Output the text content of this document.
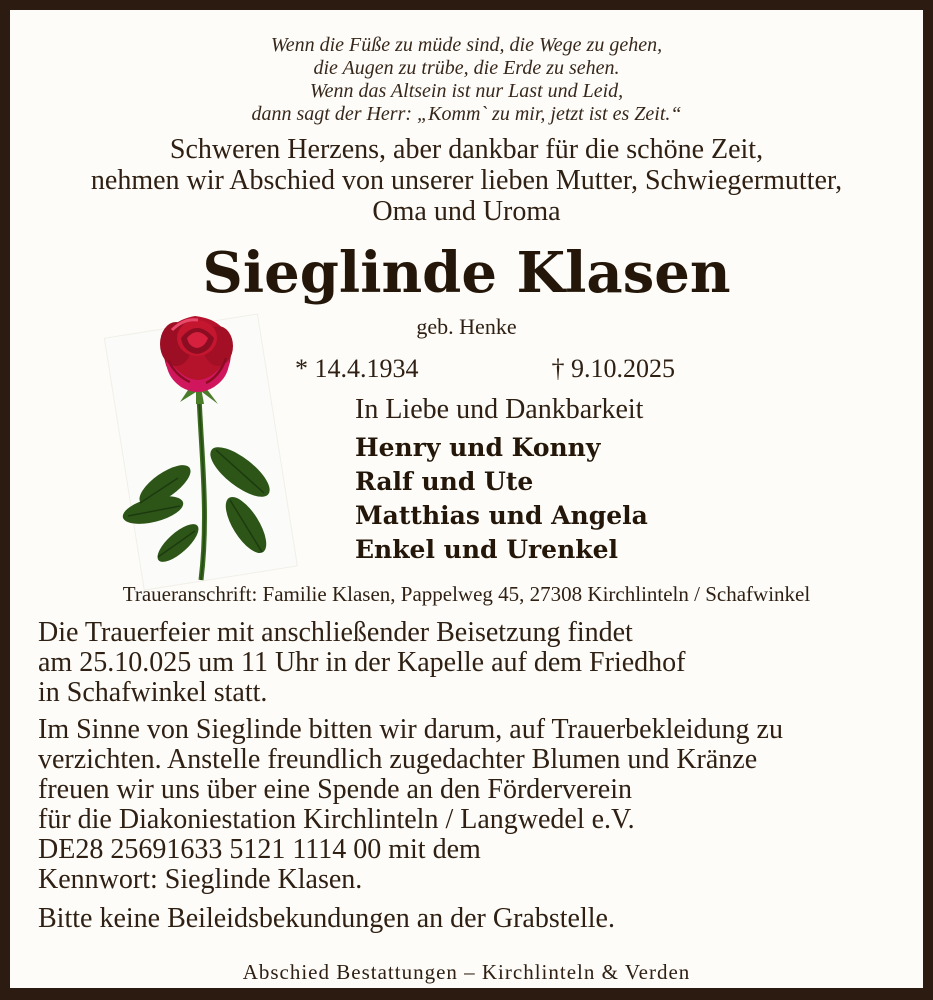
Wenn die Füße zu müde sind, die Wege zu gehen,
die Augen zu trübe, die Erde zu sehen.
Wenn das Altsein ist nur Last und Leid,
dann sagt der Herr: „Komm` zu mir, jetzt ist es Zeit.“
Schweren Herzens, aber dankbar für die schöne Zeit,
nehmen wir Abschied von unserer lieben Mutter, Schwiegermutter,
Oma und Uroma
Sieglinde Klasen
geb. Henke
* 14.4.1934	† 9.10.2025
In Liebe und Dankbarkeit
Henry und Konny
Ralf und Ute
Matthias und Angela
Enkel und Urenkel
Traueranschrift: Familie Klasen, Pappelweg 45, 27308 Kirchlinteln / Schafwinkel
Die Trauerfeier mit anschließender Beisetzung findet
am 25.10.025 um 11 Uhr in der Kapelle auf dem Friedhof
in Schafwinkel statt.
Im Sinne von Sieglinde bitten wir darum, auf Trauerbekleidung zu
verzichten. Anstelle freundlich zugedachter Blumen und Kränze
freuen wir uns über eine Spende an den Förderverein
für die Diakoniestation Kirchlinteln / Langwedel e.V.
DE28 25691633 5121 1114 00 mit dem
Kennwort: Sieglinde Klasen.
Bitte keine Beileidsbekundungen an der Grabstelle.
Abschied Bestattungen – Kirchlinteln & Verden
